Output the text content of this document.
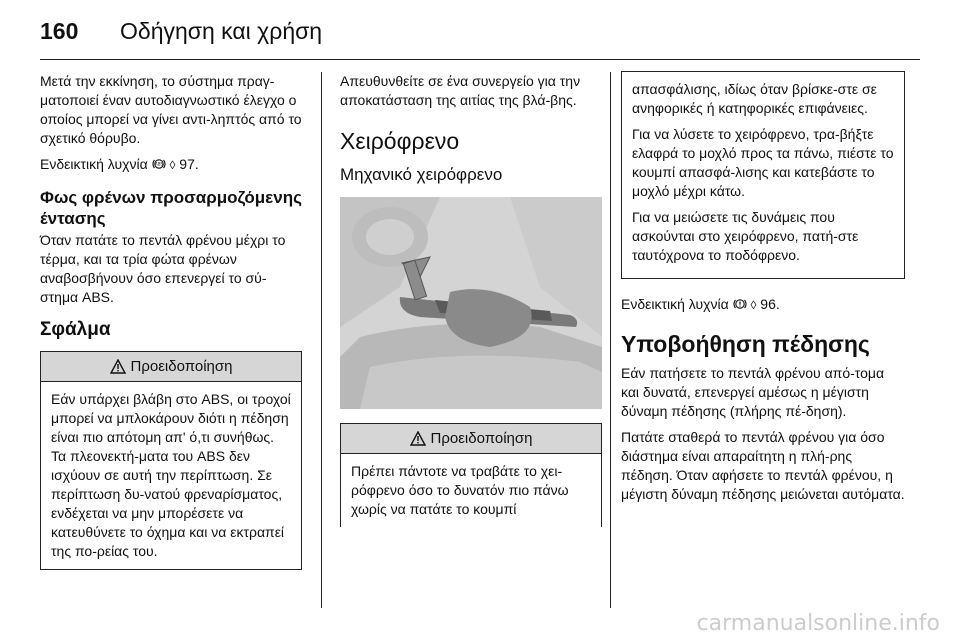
160 Οδήγηση και χρήση

Μετά την εκκίνηση, το σύστημα πραγ-ματοποιεί έναν αυτοδιαγνωστικό έλεγχο ο οποίος μπορεί να γίνει αντι-ληπτός από το σχετικό θόρυβο.

Ενδεικτική λυχνία ABS ◊ 97.

Φως φρένων προσαρμοζόμενης έντασης

Όταν πατάτε το πεντάλ φρένου μέχρι το τέρμα, και τα τρία φώτα φρένων αναβοσβήνουν όσο επενεργεί το σύ-στημα ABS.

Σφάλμα
Προειδοποίηση

Εάν υπάρχει βλάβη στο ABS, οι τροχοί μπορεί να μπλοκάρουν διότι η πέδηση είναι πιο απότομη απ' ό,τι συνήθως. Τα πλεονεκτή-ματα του ABS δεν ισχύουν σε αυτή την περίπτωση. Σε περίπτωση δυ-νατού φρεναρίσματος, ενδέχεται να μην μπορέσετε να κατευθύνετε το όχημα και να εκτραπεί της πο-ρείας του.

Απευθυνθείτε σε ένα συνεργείο για την αποκατάσταση της αιτίας της βλά-βης.

Χειρόφρενο
Μηχανικό χειρόφρενο
Προειδοποίηση

Πρέπει πάντοτε να τραβάτε το χει-ρόφρενο όσο το δυνατόν πιο πάνω χωρίς να πατάτε το κουμπί

απασφάλισης, ιδίως όταν βρίσκε-στε σε ανηφορικές ή κατηφορικές επιφάνειες.

Για να λύσετε το χειρόφρενο, τρα-βήξτε ελαφρά το μοχλό προς τα πάνω, πιέστε το κουμπί απασφά-λισης και κατεβάστε το μοχλό μέχρι κάτω.

Για να μειώσετε τις δυνάμεις που ασκούνται στο χειρόφρενο, πατή-στε ταυτόχρονα το ποδόφρενο.

Ενδεικτική λυχνία ◊ 96.

Υποβοήθηση πέδησης

Εάν πατήσετε το πεντάλ φρένου από-τομα και δυνατά, επενεργεί αμέσως η μέγιστη δύναμη πέδησης (πλήρης πέ-δηση).

Πατάτε σταθερά το πεντάλ φρένου για όσο διάστημα είναι απαραίτητη η πλή-ρης πέδηση. Όταν αφήσετε το πεντάλ φρένου, η μέγιστη δύναμη πέδησης μειώνεται αυτόματα.

carmanualsonline.info
